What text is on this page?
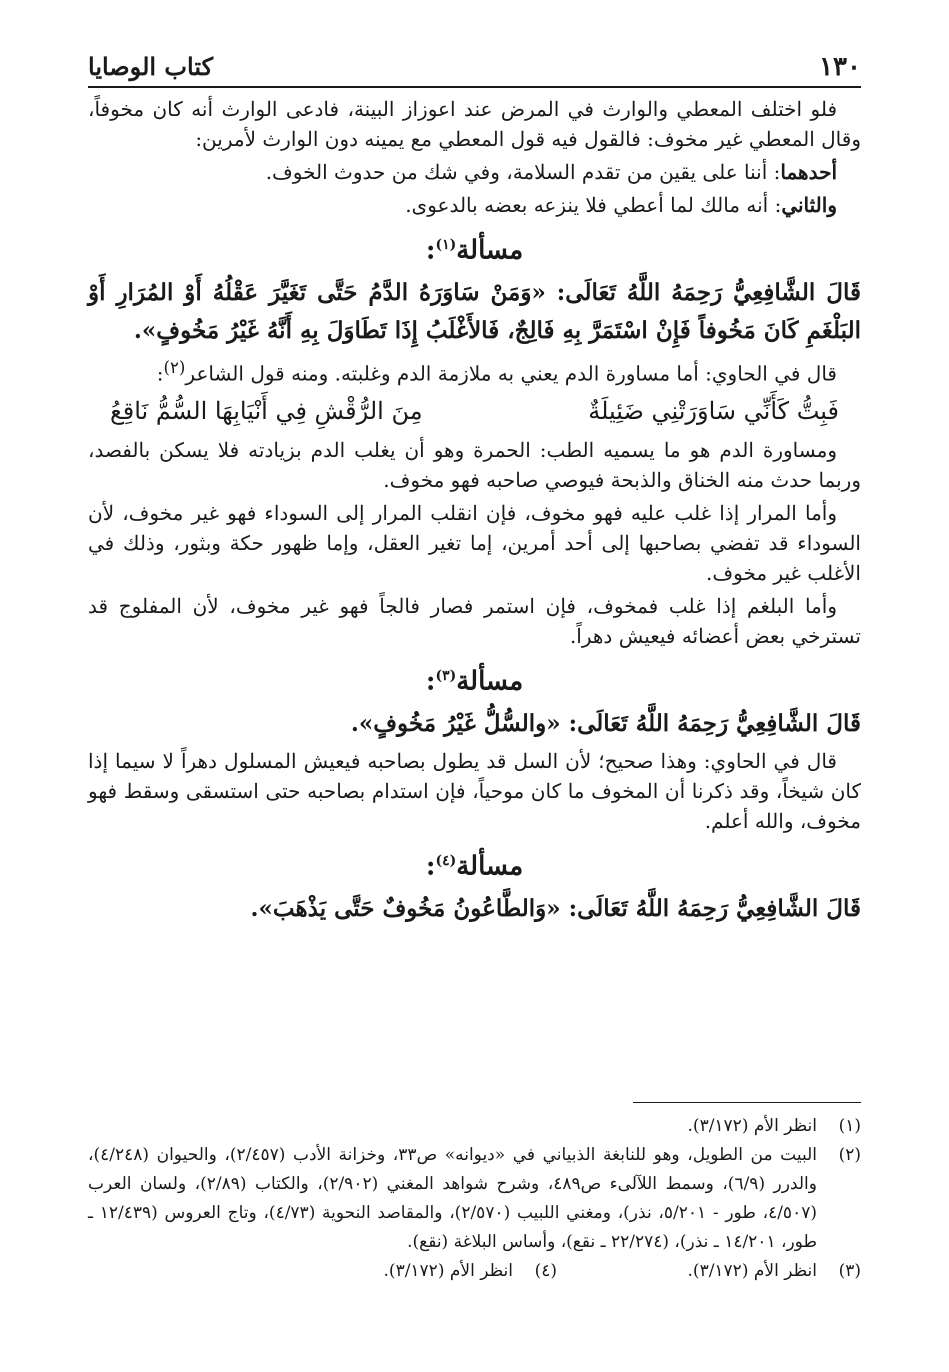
١٣٠
كتاب الوصايا

فلو اختلف المعطي والوارث في المرض عند اعوزاز البينة، فادعى الوارث أنه كان مخوفاً، وقال المعطي غير مخوف: فالقول فيه قول المعطي مع يمينه دون الوارث لأمرين:

أحدهما: أننا على يقين من تقدم السلامة، وفي شك من حدوث الخوف.

والثاني: أنه مالك لما أعطي فلا ينزعه بعضه بالدعوى.

مسألة$^{(١)}$:

قَالَ الشَّافِعِيُّ رَحِمَهُ اللَّهُ تَعَالَى: «وَمَنْ سَاوَرَهُ الدَّمُ حَتَّى تَغَيَّرَ عَقْلُهُ أَوْ المُرَارِ أَوْ البَلْغَمِ كَانَ مَخُوفاً فَإِنْ اسْتَمَرَّ بِهِ فَالِجٌ، فَالأَغْلَبُ إِذَا تَطَاوَلَ بِهِ أَنَّهُ غَيْرُ مَخُوفٍ».

قال في الحاوي: أما مساورة الدم يعني به ملازمة الدم وغلبته. ومنه قول الشاعر$^{(٢)}$:

فَبِتُّ كَأَنِّي سَاوَرَتْنِي ضَئِيلَةٌ
مِنَ الرُّقْشِ فِي أَنْيَابِهَا السُّمُّ نَاقِعُ

ومساورة الدم هو ما يسميه الطب: الحمرة وهو أن يغلب الدم بزيادته فلا يسكن بالفصد، وربما حدث منه الخناق والذبحة فيوصي صاحبه فهو مخوف.

وأما المرار إذا غلب عليه فهو مخوف، فإن انقلب المرار إلى السوداء فهو غير مخوف، لأن السوداء قد تفضي بصاحبها إلى أحد أمرين، إما تغير العقل، وإما ظهور حكة وبثور، وذلك في الأغلب غير مخوف.

وأما البلغم إذا غلب فمخوف، فإن استمر فصار فالجاً فهو غير مخوف، لأن المفلوج قد تسترخي بعض أعضائه فيعيش دهراً.

مسألة$^{(٣)}$:

قَالَ الشَّافِعِيُّ رَحِمَهُ اللَّهُ تَعَالَى: «والسُّلُّ غَيْرُ مَخُوفٍ».

قال في الحاوي: وهذا صحيح؛ لأن السل قد يطول بصاحبه فيعيش المسلول دهراً لا سيما إذا كان شيخاً، وقد ذكرنا أن المخوف ما كان موحياً، فإن استدام بصاحبه حتى استسقى وسقط فهو مخوف، والله أعلم.

مسألة$^{(٤)}$:

قَالَ الشَّافِعِيُّ رَحِمَهُ اللَّهُ تَعَالَى: «وَالطَّاعُونُ مَخُوفٌ حَتَّى يَذْهَبَ».

(١)
انظر الأم (٣/١٧٢).
(٢)
البيت من الطويل، وهو للنابغة الذبياني في «ديوانه» ص٣٣، وخزانة الأدب (٢/٤٥٧)، والحيوان (٤/٢٤٨)، والدرر (٦/٩)، وسمط اللآلىء ص٤٨٩، وشرح شواهد المغني (٢/٩٠٢)، والكتاب (٢/٨٩)، ولسان العرب (٤/٥٠٧، طور - ٥/٢٠١، نذر)، ومغني اللبيب (٢/٥٧٠)، والمقاصد النحوية (٤/٧٣)، وتاج العروس (١٢/٤٣٩ ـ طور، ١٤/٢٠١ ـ نذر)، (٢٢/٢٧٤ ـ نقع)، وأساس البلاغة (نقع).
(٣)
انظر الأم (٣/١٧٢).
(٤)
انظر الأم (٣/١٧٢).
